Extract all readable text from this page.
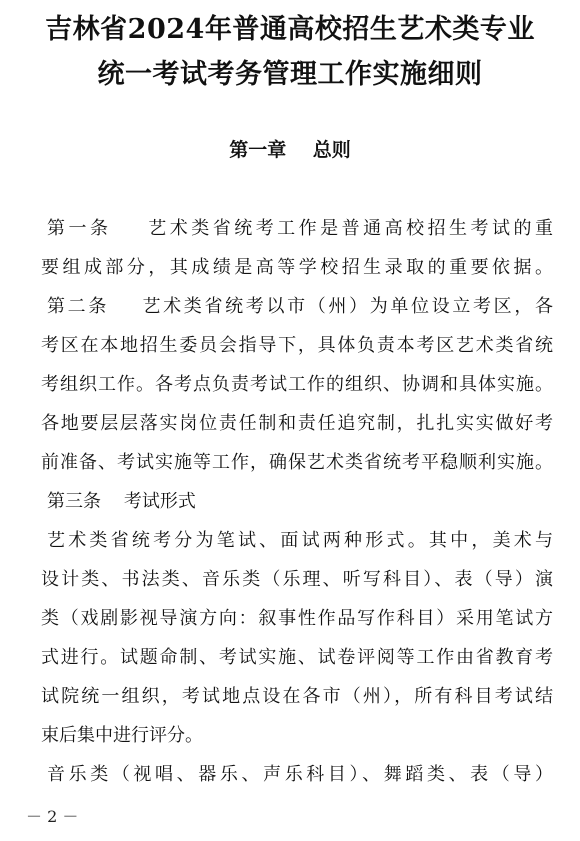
吉林省2024年普通高校招生艺术类专业
统一考试考务管理工作实施细则
第一章    总则
第一条    艺术类省统考工作是普通高校招生考试的重
要组成部分，其成绩是高等学校招生录取的重要依据。
第二条    艺术类省统考以市（州）为单位设立考区，各
考区在本地招生委员会指导下，具体负责本考区艺术类省统
考组织工作。各考点负责考试工作的组织、协调和具体实施。
各地要层层落实岗位责任制和责任追究制，扎扎实实做好考
前准备、考试实施等工作，确保艺术类省统考平稳顺利实施。
第三条    考试形式
艺术类省统考分为笔试、面试两种形式。其中，美术与
设计类、书法类、音乐类（乐理、听写科目）、表（导）演
类（戏剧影视导演方向：叙事性作品写作科目）采用笔试方
式进行。试题命制、考试实施、试卷评阅等工作由省教育考
试院统一组织，考试地点设在各市（州），所有科目考试结
束后集中进行评分。
音乐类（视唱、器乐、声乐科目）、舞蹈类、表（导）
－ 2 －
